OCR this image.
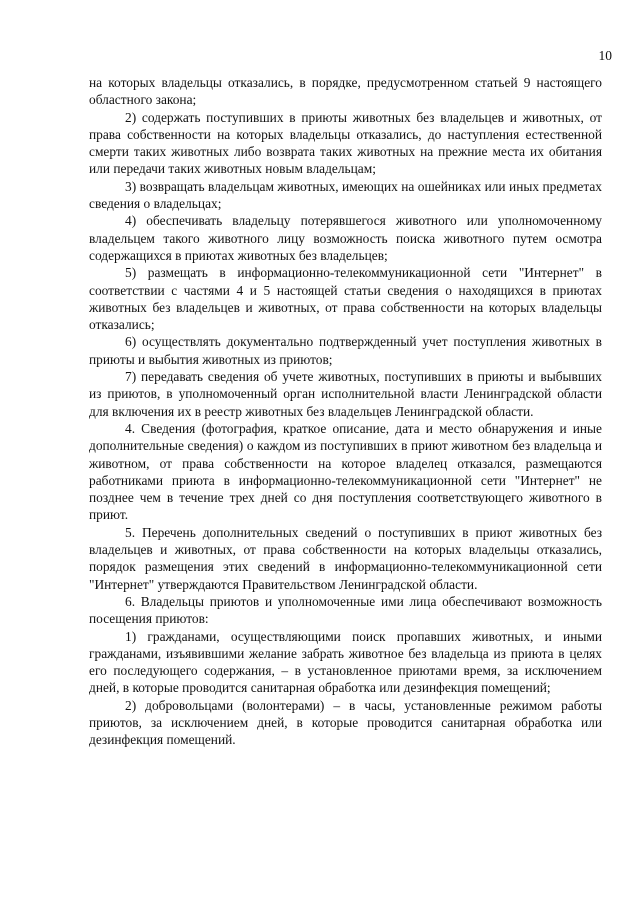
10

на которых владельцы отказались, в порядке, предусмотренном статьей 9 настоящего областного закона;

2) содержать поступивших в приюты животных без владельцев и животных, от права собственности на которых владельцы отказались, до наступления естественной смерти таких животных либо возврата таких животных на прежние места их обитания или передачи таких животных новым владельцам;

3) возвращать владельцам животных, имеющих на ошейниках или иных предметах сведения о владельцах;

4) обеспечивать владельцу потерявшегося животного или уполномоченному владельцем такого животного лицу возможность поиска животного путем осмотра содержащихся в приютах животных без владельцев;

5) размещать в информационно-телекоммуникационной сети "Интернет" в соответствии с частями 4 и 5 настоящей статьи сведения о находящихся в приютах животных без владельцев и животных, от права собственности на которых владельцы отказались;

6) осуществлять документально подтвержденный учет поступления животных в приюты и выбытия животных из приютов;

7) передавать сведения об учете животных, поступивших в приюты и выбывших из приютов, в уполномоченный орган исполнительной власти Ленинградской области для включения их в реестр животных без владельцев Ленинградской области.

4. Сведения (фотография, краткое описание, дата и место обнаружения и иные дополнительные сведения) о каждом из поступивших в приют животном без владельца и животном, от права собственности на которое владелец отказался, размещаются работниками приюта в информационно-телекоммуникационной сети "Интернет" не позднее чем в течение трех дней со дня поступления соответствующего животного в приют.

5. Перечень дополнительных сведений о поступивших в приют животных без владельцев и животных, от права собственности на которых владельцы отказались, порядок размещения этих сведений в информационно-телекоммуникационной сети "Интернет" утверждаются Правительством Ленинградской области.

6. Владельцы приютов и уполномоченные ими лица обеспечивают возможность посещения приютов:

1) гражданами, осуществляющими поиск пропавших животных, и иными гражданами, изъявившими желание забрать животное без владельца из приюта в целях его последующего содержания, – в установленное приютами время, за исключением дней, в которые проводится санитарная обработка или дезинфекция помещений;

2) добровольцами (волонтерами) – в часы, установленные режимом работы приютов, за исключением дней, в которые проводится санитарная обработка или дезинфекция помещений.
